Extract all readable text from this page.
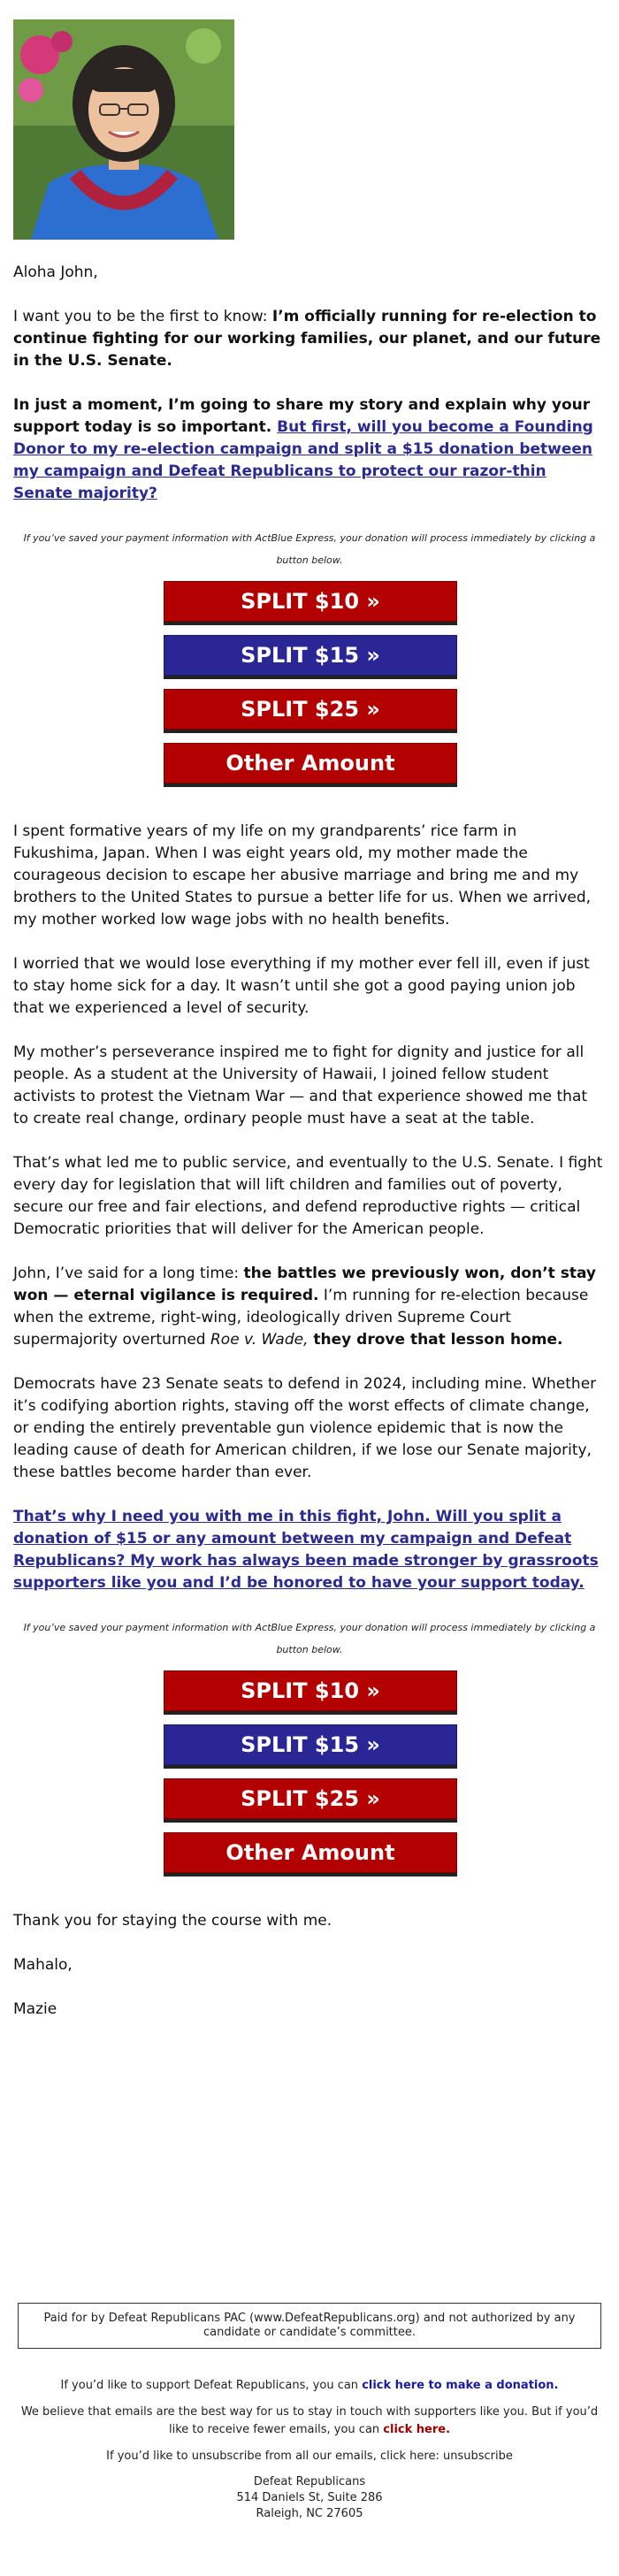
Aloha John,

I want you to be the first to know: I’m officially running for re-election to continue fighting for our working families, our planet, and our future in the U.S. Senate.

In just a moment, I’m going to share my story and explain why your support today is so important. But first, will you become a Founding Donor to my re-election campaign and split a $15 donation between my campaign and Defeat Republicans to protect our razor-thin Senate majority?

If you’ve saved your payment information with ActBlue Express, your donation will process immediately by clicking a button below.

SPLIT $10 »
SPLIT $15 »
SPLIT $25 »
Other Amount

I spent formative years of my life on my grandparents’ rice farm in Fukushima, Japan. When I was eight years old, my mother made the courageous decision to escape her abusive marriage and bring me and my brothers to the United States to pursue a better life for us. When we arrived, my mother worked low wage jobs with no health benefits.

I worried that we would lose everything if my mother ever fell ill, even if just to stay home sick for a day. It wasn’t until she got a good paying union job that we experienced a level of security.

My mother’s perseverance inspired me to fight for dignity and justice for all people. As a student at the University of Hawaii, I joined fellow student activists to protest the Vietnam War — and that experience showed me that to create real change, ordinary people must have a seat at the table.

That’s what led me to public service, and eventually to the U.S. Senate. I fight every day for legislation that will lift children and families out of poverty, secure our free and fair elections, and defend reproductive rights — critical Democratic priorities that will deliver for the American people.

John, I’ve said for a long time: the battles we previously won, don’t stay won — eternal vigilance is required. I’m running for re-election because when the extreme, right-wing, ideologically driven Supreme Court supermajority overturned Roe v. Wade, they drove that lesson home.

Democrats have 23 Senate seats to defend in 2024, including mine. Whether it’s codifying abortion rights, staving off the worst effects of climate change, or ending the entirely preventable gun violence epidemic that is now the leading cause of death for American children, if we lose our Senate majority, these battles become harder than ever.

That’s why I need you with me in this fight, John. Will you split a donation of $15 or any amount between my campaign and Defeat Republicans? My work has always been made stronger by grassroots supporters like you and I’d be honored to have your support today.

If you’ve saved your payment information with ActBlue Express, your donation will process immediately by clicking a button below.

SPLIT $10 »
SPLIT $15 »
SPLIT $25 »
Other Amount

Thank you for staying the course with me.

Mahalo,

Mazie

Paid for by Defeat Republicans PAC (www.DefeatRepublicans.org) and not authorized by any candidate or candidate’s committee.

If you’d like to support Defeat Republicans, you can click here to make a donation.

We believe that emails are the best way for us to stay in touch with supporters like you. But if you’d like to receive fewer emails, you can click here.

If you’d like to unsubscribe from all our emails, click here: unsubscribe

Defeat Republicans

514 Daniels St, Suite 286

Raleigh, NC 27605
